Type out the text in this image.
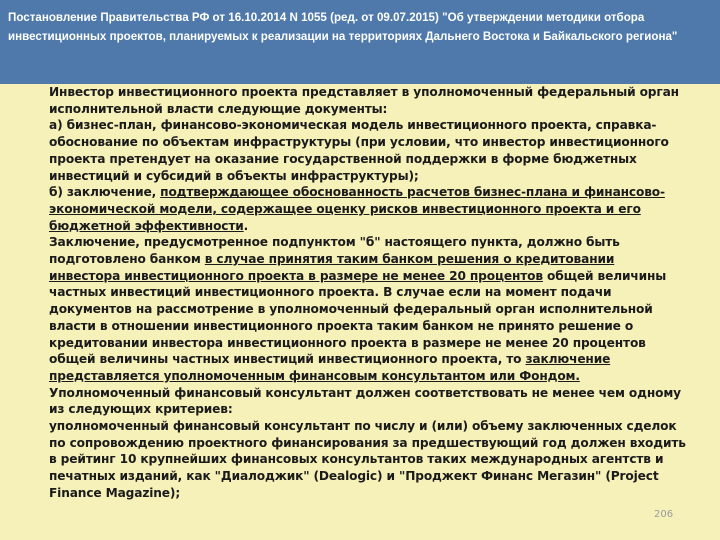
Постановление Правительства РФ от 16.10.2014 N 1055 (ред. от 09.07.2015) "Об утверждении методики отбора инвестиционных проектов, планируемых к реализации на территориях Дальнего Востока и Байкальского региона"

Инвестор инвестиционного проекта представляет в уполномоченный федеральный орган исполнительной власти следующие документы:

а) бизнес-план, финансово-экономическая модель инвестиционного проекта, справка-обоснование по объектам инфраструктуры (при условии, что инвестор инвестиционного проекта претендует на оказание государственной поддержки в форме бюджетных инвестиций и субсидий в объекты инфраструктуры);

б) заключение, подтверждающее обоснованность расчетов бизнес-плана и финансово-экономической модели, содержащее оценку рисков инвестиционного проекта и его бюджетной эффективности.

Заключение, предусмотренное подпунктом "б" настоящего пункта, должно быть подготовлено банком в случае принятия таким банком решения о кредитовании инвестора инвестиционного проекта в размере не менее 20 процентов общей величины частных инвестиций инвестиционного проекта. В случае если на момент подачи документов на рассмотрение в уполномоченный федеральный орган исполнительной власти в отношении инвестиционного проекта таким банком не принято решение о кредитовании инвестора инвестиционного проекта в размере не менее 20 процентов общей величины частных инвестиций инвестиционного проекта, то заключение представляется уполномоченным финансовым консультантом или Фондом.

Уполномоченный финансовый консультант должен соответствовать не менее чем одному из следующих критериев:

уполномоченный финансовый консультант по числу и (или) объему заключенных сделок по сопровождению проектного финансирования за предшествующий год должен входить в рейтинг 10 крупнейших финансовых консультантов таких международных агентств и печатных изданий, как "Диалоджик" (Dealogic) и "Проджект Финанс Мегазин" (Project Finance Magazine);

206
